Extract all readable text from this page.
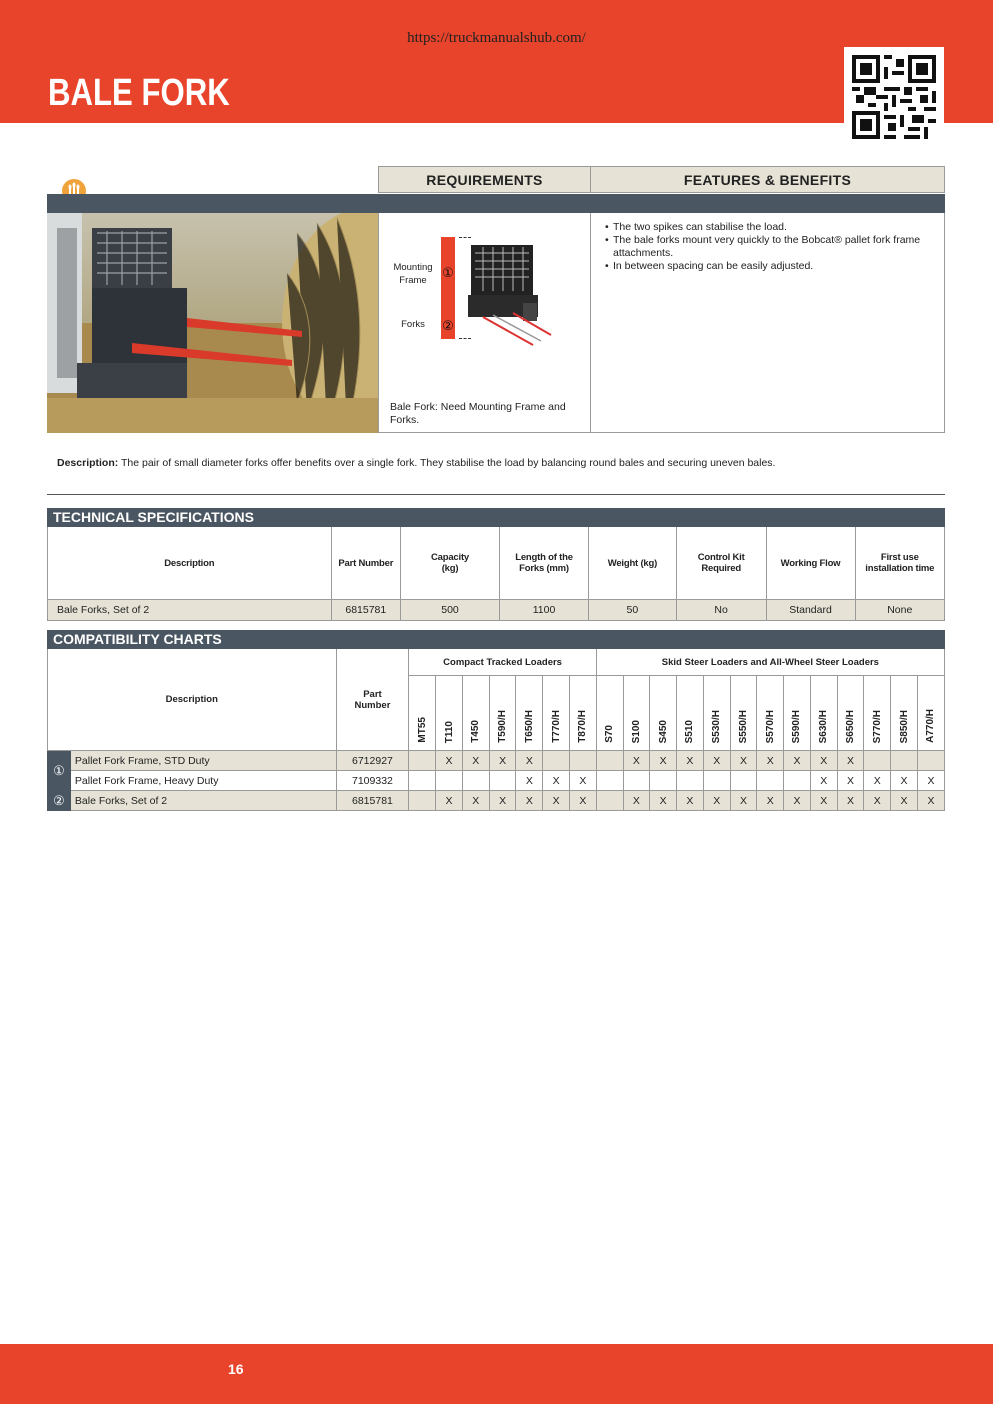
https://truckmanualshub.com/
BALE FORK
REQUIREMENTS	FEATURES & BENEFITS
Mounting Frame
Forks
①
②
Bale Fork: Need Mounting Frame and Forks.
• The two spikes can stabilise the load.
• The bale forks mount very quickly to the Bobcat® pallet fork frame attachments.
• In between spacing can be easily adjusted.
Description: The pair of small diameter forks offer benefits over a single fork. They stabilise the load by balancing round bales and securing uneven bales.
TECHNICAL SPECIFICATIONS
Description	Part Number	Capacity (kg)	Length of the Forks (mm)	Weight (kg)	Control Kit Required	Working Flow	First use installation time
Bale Forks, Set of 2	6815781	500	1100	50	No	Standard	None
COMPATIBILITY CHARTS
Description		Part Number	Compact Tracked Loaders							Skid Steer Loaders and All-Wheel Steer Loaders												
			MT55	T110	T450	T590/H	T650/H	T770/H	T870/H	S70	S100	S450	S510	S530/H	S550/H	S570/H	S590/H	S630/H	S650/H	S770/H	S850/H	A770/H
①	Pallet Fork Frame, STD Duty	6712927		X	X	X	X				X	X	X	X	X	X	X	X	X			
	Pallet Fork Frame, Heavy Duty	7109332					X	X	X									X	X	X	X	X
②	Bale Forks, Set of 2	6815781		X	X	X	X	X	X		X	X	X	X	X	X	X	X	X	X	X	X
16
